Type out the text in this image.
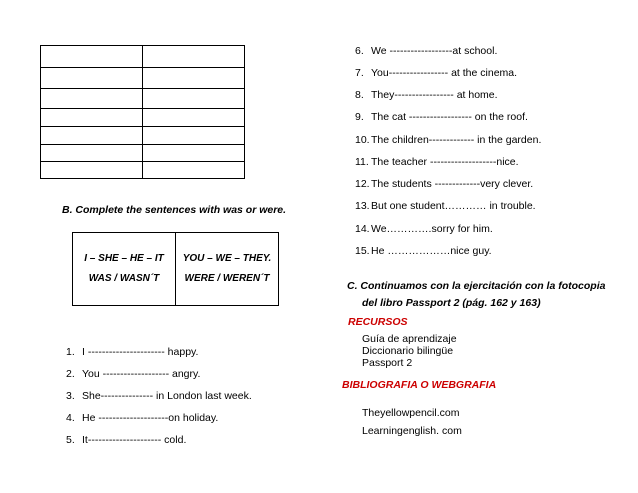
B. Complete the sentences with was or were.
I – SHE – HE – IT
WAS / WASN´T

YOU – WE – THEY.
WERE / WEREN´T
1. I ---------------------- happy.
2. You ------------------- angry.
3. She--------------- in London last week.
4. He --------------------on holiday.
5. It--------------------- cold.
6. We ------------------at school.
7. You----------------- at the cinema.
8. They----------------- at home.
9. The cat ------------------ on the roof.
10.The children------------- in the garden.
11. The teacher -------------------nice.
12.The students -------------very clever.
13.But one student………… in trouble.
14.We………….sorry for him.
15.He ………………nice guy.
C. Continuamos con la ejercitación con la fotocopia
del libro Passport 2 (pág. 162 y 163)
RECURSOS
Guía de aprendizaje
Diccionario bilingüe
Passport 2
BIBLIOGRAFIA O WEBGRAFIA
Theyellowpencil.com
Learningenglish. com
